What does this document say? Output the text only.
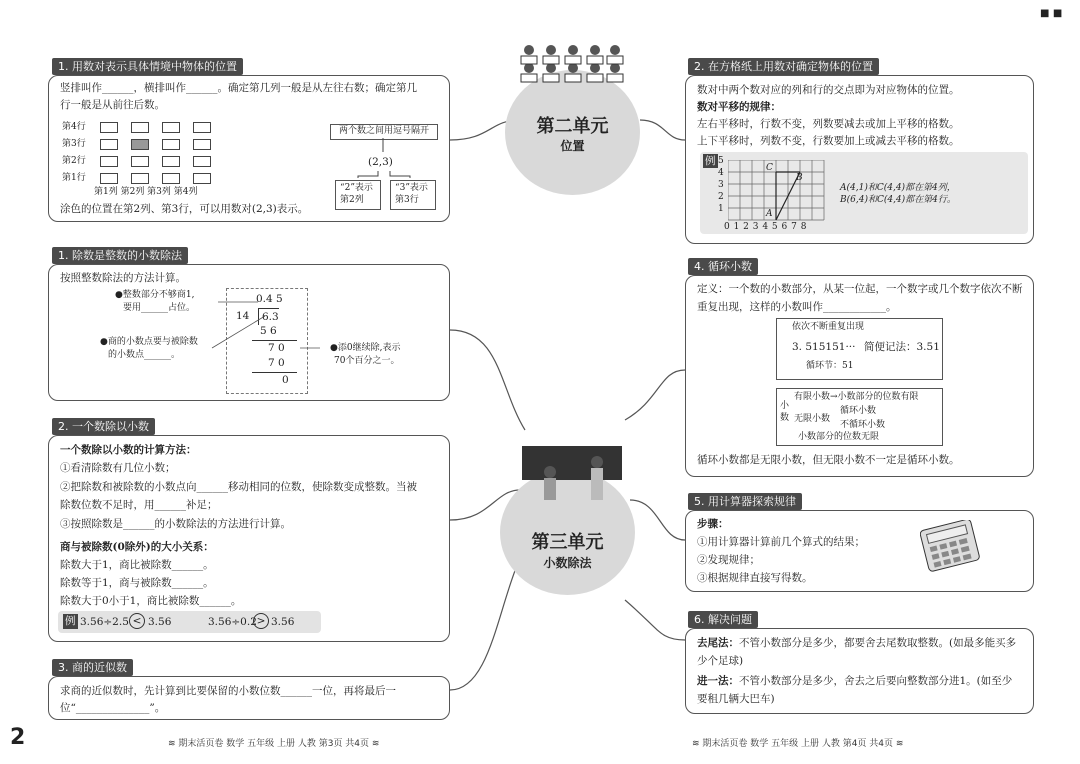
■ ■
第二单元
位置
第三单元
小数除法
1. 用数对表示具体情境中物体的位置
竖排叫作______，横排叫作______。确定第几列一般是从左往右数；确定第几
行一般是从前往后数。
第4行
第3行
第2行
第1行
第1列 第2列 第3列 第4列
两个数之间用逗号隔开
(2,3)
“2”表示
第2列
“3”表示
第3行
涂色的位置在第2列、第3行，可以用数对(2,3)表示。
2. 在方格纸上用数对确定物体的位置
数对中两个数对应的列和行的交点即为对应物体的位置。
数对平移的规律：
左右平移时，行数不变，列数要减去或加上平移的格数。
上下平移时，列数不变，行数要加上或减去平移的格数。
例 5
4
3
2
1
0 1 2 3 4 5 6 7 8
C
B
A
A(4,1)和C(4,4)都在第4列，
B(6,4)和C(4,4)都在第4行。
1. 除数是整数的小数除法
按照整数除法的方法计算。
●整数部分不够商1,
要用______占位。
●商的小数点要与被除数
的小数点______。
0.4 5
14	6.3
5 6
7 0
7 0
0
●添0继续除,表示
70个百分之一。
2. 一个数除以小数
一个数除以小数的计算方法：
①看清除数有几位小数；
②把除数和被除数的小数点向______移动相同的位数，使除数变成整数。当被
除数位数不足时，用______补足；
③按照除数是______的小数除法的方法进行计算。
商与被除数(0除外)的大小关系：
除数大于1，商比被除数______。
除数等于1，商与被除数______。
除数大于0小于1，商比被除数______。
例 3.56÷2.5 < 3.56	3.56÷0.2 > 3.56
3. 商的近似数
求商的近似数时，先计算到比要保留的小数位数______一位，再将最后一
位“______________”。
4. 循环小数
定义：一个数的小数部分，从某一位起，一个数字或几个数字依次不断
重复出现，这样的小数叫作____________。
依次不断重复出现
3. 515151··· 简便记法：3.51
循环节：51
小
数
有限小数→小数部分的位数有限
无限小数
循环小数
不循环小数
小数部分的位数无限
循环小数都是无限小数，但无限小数不一定是循环小数。
5. 用计算器探索规律
步骤：
①用计算器计算前几个算式的结果；
②发现规律；
③根据规律直接写得数。
6. 解决问题
去尾法： 不管小数部分是多少，都要舍去尾数取整数。(如最多能买多
少个足球)
进一法： 不管小数部分是多少，舍去之后要向整数部分进1。(如至少
要租几辆大巴车)
2	≋ 期末活页卷 数学 五年级 上册 人教 第3页 共4页 ≋	≋ 期末活页卷 数学 五年级 上册 人教 第4页 共4页 ≋
